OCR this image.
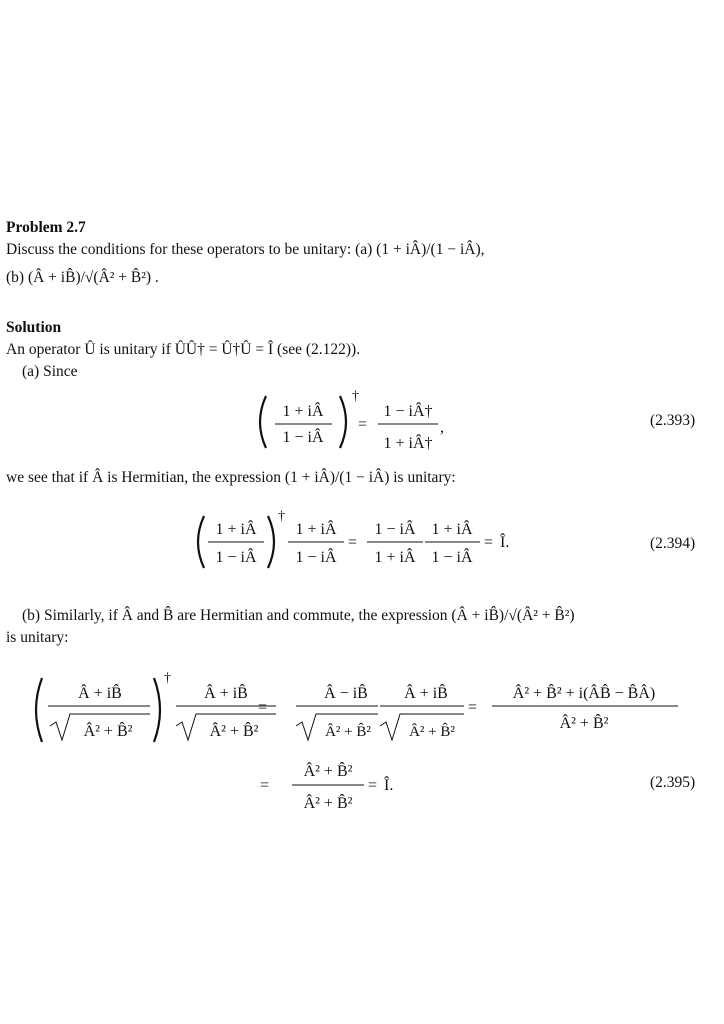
Problem 2.7
Discuss the conditions for these operators to be unitary: (a) (1 + iÂ)/(1 − iÂ),
(b) (Â + iB̂)/√(Â² + B̂²) .
Solution
An operator Û is unitary if ÛÛ† = Û†Û = Î (see (2.122)).
(a) Since
1 + iÂ
1 − iÂ
†
=
1 − iÂ†
1 + iÂ†
,	(2.393)
we see that if Â is Hermitian, the expression (1 + iÂ)/(1 − iÂ) is unitary:
1 + iÂ
1 − iÂ
†
1 + iÂ
1 − iÂ
=
1 − iÂ
1 + iÂ
1 + iÂ
1 − iÂ
= Î.	(2.394)
(b) Similarly, if Â and B̂ are Hermitian and commute, the expression (Â + iB̂)/√(Â² + B̂²)
is unitary:
Â + iB̂
Â² + B̂²
†
Â + iB̂
Â² + B̂²
=
Â − iB̂
Â² + B̂²
Â + iB̂
Â² + B̂²
=
Â² + B̂² + i(ÂB̂ − B̂Â)
Â² + B̂²
=
Â² + B̂²
Â² + B̂²
= Î.	(2.395)
